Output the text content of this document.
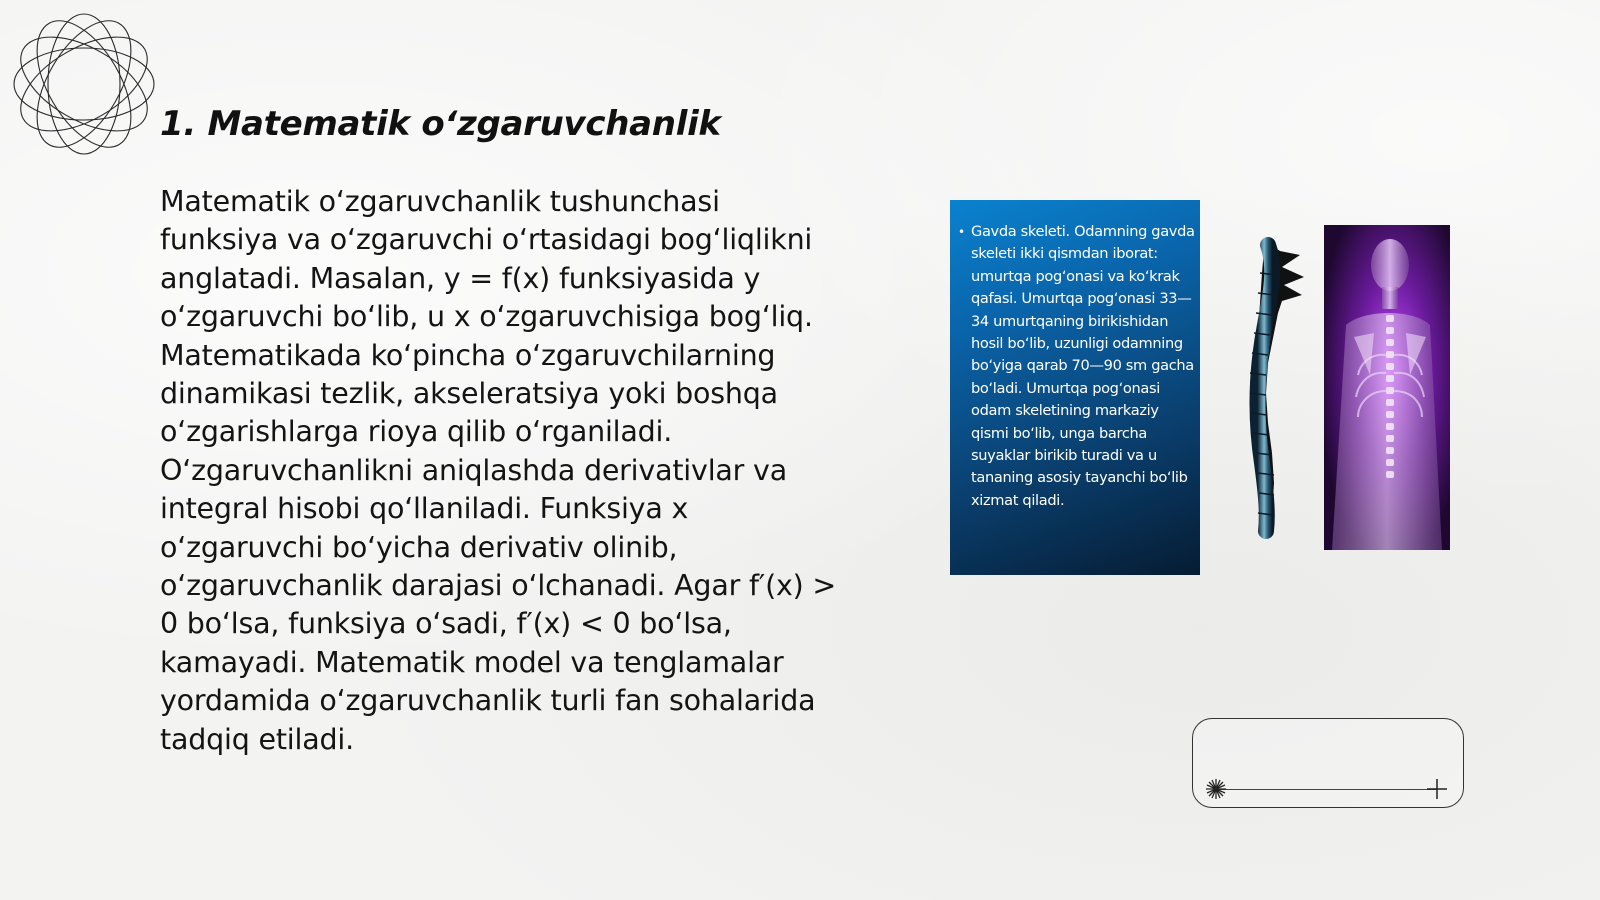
1. Matematik o‘zgaruvchanlik

Matematik o‘zgaruvchanlik tushunchasi funksiya va o‘zgaruvchi o‘rtasidagi bog‘liqlikni anglatadi. Masalan, y = f(x) funksiyasida y o‘zgaruvchi bo‘lib, u x o‘zgaruvchisiga bog‘liq. Matematikada ko‘pincha o‘zgaruvchilarning dinamikasi tezlik, akseleratsiya yoki boshqa o‘zgarishlarga rioya qilib o‘rganiladi. O‘zgaruvchanlikni aniqlashda derivativlar va integral hisobi qo‘llaniladi. Funksiya x o‘zgaruvchi bo‘yicha derivativ olinib, o‘zgaruvchanlik darajasi o‘lchanadi. Agar f′(x) > 0 bo‘lsa, funksiya o‘sadi, f′(x) < 0 bo‘lsa, kamayadi. Matematik model va tenglamalar yordamida o‘zgaruvchanlik turli fan sohalarida tadqiq etiladi.

• Gavda skeleti. Odamning gavda skeleti ikki qismdan iborat: umurtqa pog‘onasi va ko‘krak qafasi. Umurtqa pog‘onasi 33—34 umurtqaning birikishidan hosil bo‘lib, uzunligi odamning bo‘yiga qarab 70—90 sm gacha bo‘ladi. Umurtqa pog‘onasi odam skeletining markaziy qismi bo‘lib, unga barcha suyaklar birikib turadi va u tananing asosiy tayanchi bo‘lib xizmat qiladi.
